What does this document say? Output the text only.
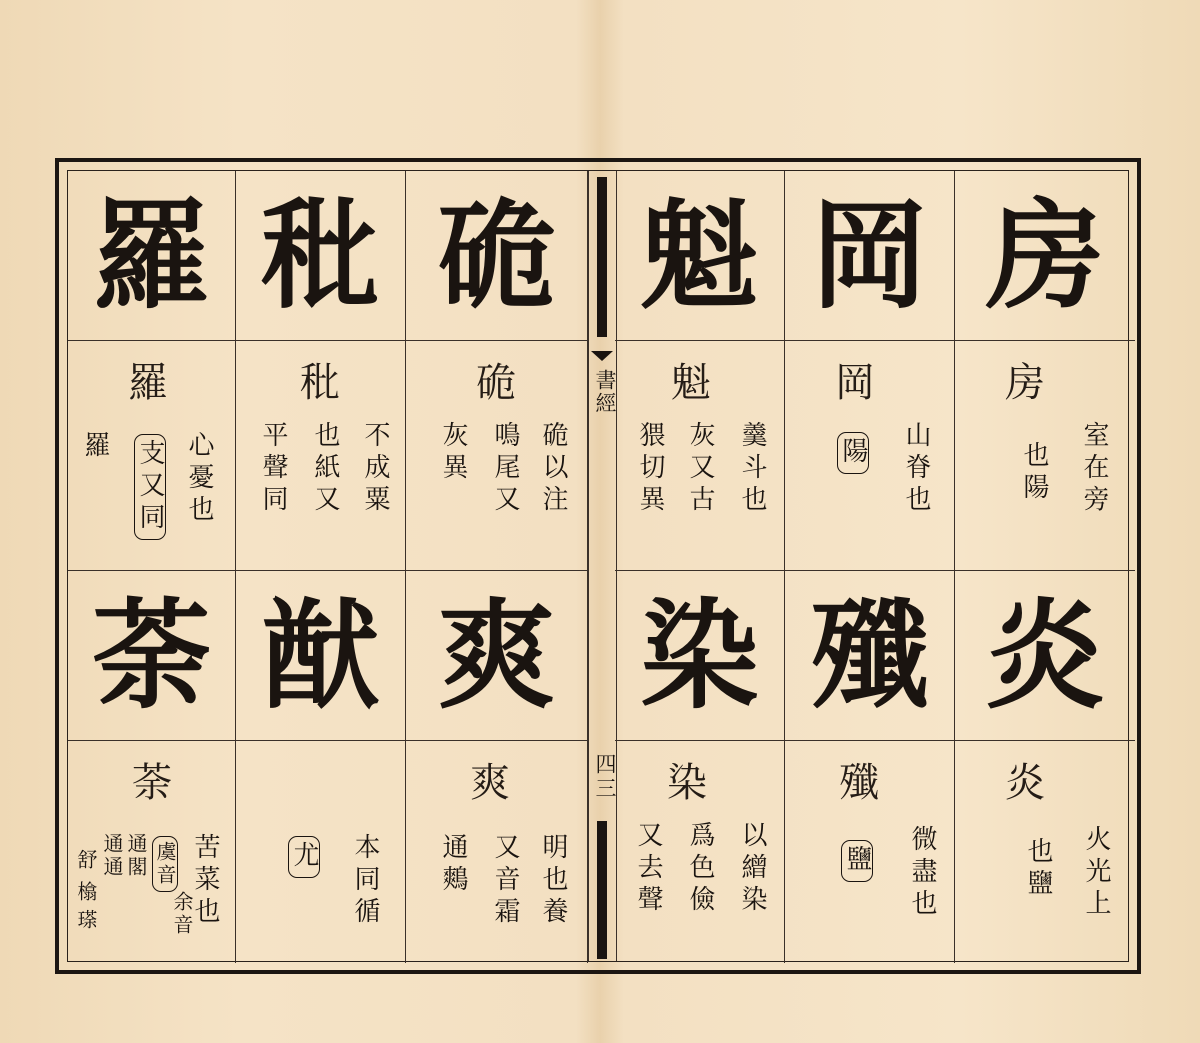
羅 秕 硊
羅
心憂也
支又同
羅
秕
不成粟
也紙又
平聲同
硊
硊以注
鳴尾又
灰異
荼 猷 爽
荼
苦菜也
虞音
通閣
通通
舒
㯓
瑹	余音	本同循
尤
爽
明也養
又音霜
通鷞
書經
四三
魁 岡 房
魁
羹斗也
灰又古
猥切異
岡
山脊也
陽
房
室在旁
也陽
染 殲 炎
染
以繒染
爲色儉
又去聲
殲
微盡也
鹽
炎
火光上
也鹽
